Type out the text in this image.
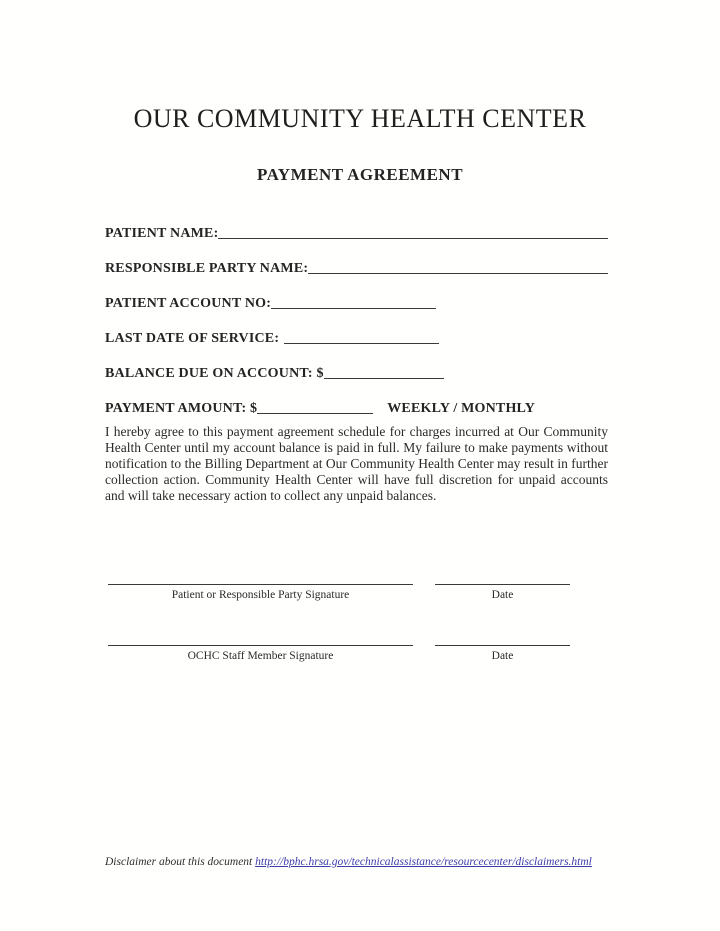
OUR COMMUNITY HEALTH CENTER
PAYMENT AGREEMENT
PATIENT NAME:
RESPONSIBLE PARTY NAME:
PATIENT ACCOUNT NO:
LAST DATE OF SERVICE:
BALANCE DUE ON ACCOUNT: $
PAYMENT AMOUNT: $	WEEKLY / MONTHLY
I hereby agree to this payment agreement schedule for charges incurred at Our Community Health Center until my account balance is paid in full. My failure to make payments without notification to the Billing Department at Our Community Health Center may result in further collection action. Community Health Center will have full discretion for unpaid accounts and will take necessary action to collect any unpaid balances.
Patient or Responsible Party Signature	Date
OCHC Staff Member Signature	Date
Disclaimer about this document http://bphc.hrsa.gov/technicalassistance/resourcecenter/disclaimers.html
